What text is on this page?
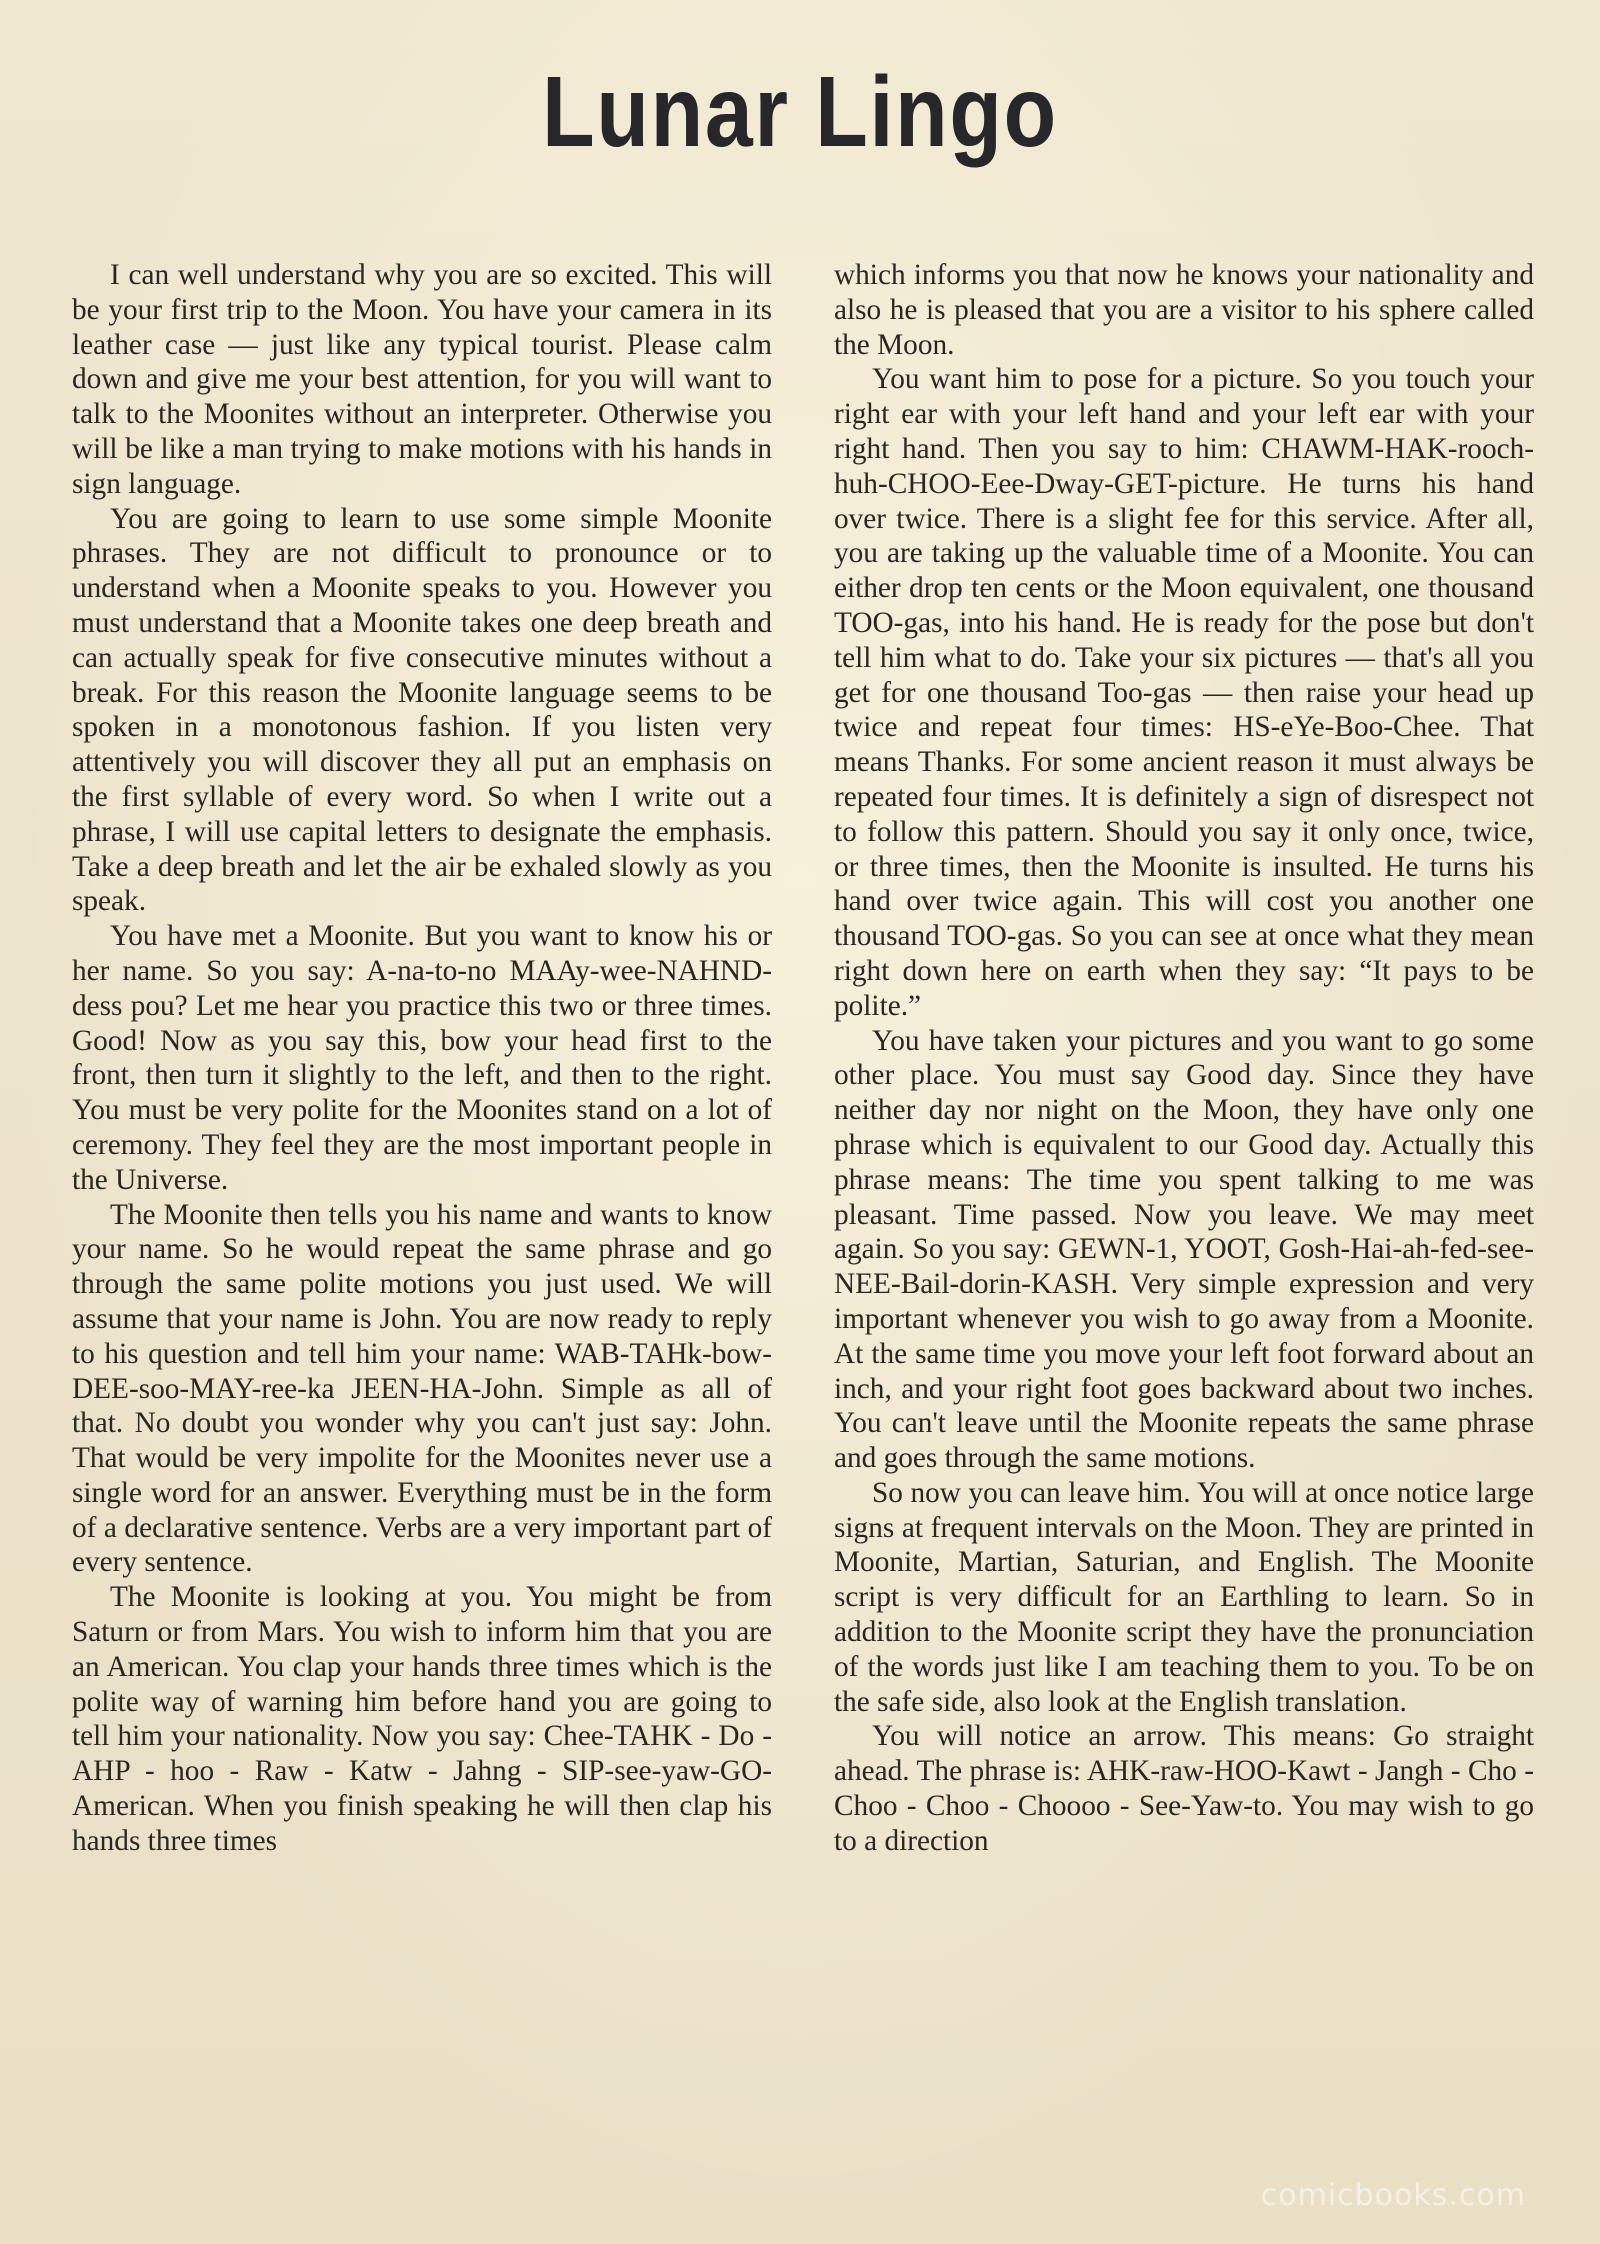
Lunar Lingo

I can well understand why you are so excited. This will be your first trip to the Moon. You have your camera in its leather case — just like any typical tourist. Please calm down and give me your best attention, for you will want to talk to the Moonites without an interpreter. Otherwise you will be like a man trying to make motions with his hands in sign language.

You are going to learn to use some simple Moonite phrases. They are not difficult to pronounce or to understand when a Moonite speaks to you. However you must understand that a Moonite takes one deep breath and can actually speak for five consecutive minutes without a break. For this reason the Moonite language seems to be spoken in a monotonous fashion. If you listen very attentively you will discover they all put an emphasis on the first syllable of every word. So when I write out a phrase, I will use capital letters to designate the emphasis. Take a deep breath and let the air be exhaled slowly as you speak.

You have met a Moonite. But you want to know his or her name. So you say: A-na-to-no MAAy-wee-NAHND-dess pou? Let me hear you practice this two or three times. Good! Now as you say this, bow your head first to the front, then turn it slightly to the left, and then to the right. You must be very polite for the Moonites stand on a lot of ceremony. They feel they are the most important people in the Universe.

The Moonite then tells you his name and wants to know your name. So he would repeat the same phrase and go through the same polite motions you just used. We will assume that your name is John. You are now ready to reply to his question and tell him your name: WAB-TAHk-bow-DEE-soo-MAY-ree-ka JEEN-HA-John. Simple as all of that. No doubt you wonder why you can't just say: John. That would be very impolite for the Moonites never use a single word for an answer. Everything must be in the form of a declarative sentence. Verbs are a very important part of every sentence.

The Moonite is looking at you. You might be from Saturn or from Mars. You wish to inform him that you are an American. You clap your hands three times which is the polite way of warning him before hand you are going to tell him your nationality. Now you say: Chee-TAHK - Do - AHP - hoo - Raw - Katw - Jahng - SIP-see-yaw-GO-American. When you finish speaking he will then clap his hands three times

which informs you that now he knows your nationality and also he is pleased that you are a visitor to his sphere called the Moon.

You want him to pose for a picture. So you touch your right ear with your left hand and your left ear with your right hand. Then you say to him: CHAWM-HAK-rooch-huh-CHOO-Eee-Dway-GET-picture. He turns his hand over twice. There is a slight fee for this service. After all, you are taking up the valuable time of a Moonite. You can either drop ten cents or the Moon equivalent, one thousand TOO-gas, into his hand. He is ready for the pose but don't tell him what to do. Take your six pictures — that's all you get for one thousand Too-gas — then raise your head up twice and repeat four times: HS-eYe-Boo-Chee. That means Thanks. For some ancient reason it must always be repeated four times. It is definitely a sign of disrespect not to follow this pattern. Should you say it only once, twice, or three times, then the Moonite is insulted. He turns his hand over twice again. This will cost you another one thousand TOO-gas. So you can see at once what they mean right down here on earth when they say: “It pays to be polite.”

You have taken your pictures and you want to go some other place. You must say Good day. Since they have neither day nor night on the Moon, they have only one phrase which is equivalent to our Good day. Actually this phrase means: The time you spent talking to me was pleasant. Time passed. Now you leave. We may meet again. So you say: GEWN-1, YOOT, Gosh-Hai-ah-fed-see-NEE-Bail-dorin-KASH. Very simple expression and very important whenever you wish to go away from a Moonite. At the same time you move your left foot forward about an inch, and your right foot goes backward about two inches. You can't leave until the Moonite repeats the same phrase and goes through the same motions.

So now you can leave him. You will at once notice large signs at frequent intervals on the Moon. They are printed in Moonite, Martian, Saturian, and English. The Moonite script is very difficult for an Earthling to learn. So in addition to the Moonite script they have the pronunciation of the words just like I am teaching them to you. To be on the safe side, also look at the English translation.

You will notice an arrow. This means: Go straight ahead. The phrase is: AHK-raw-HOO-Kawt - Jangh - Cho - Choo - Choo - Choooo - See-Yaw-to. You may wish to go to a direction

comicbooks.com
